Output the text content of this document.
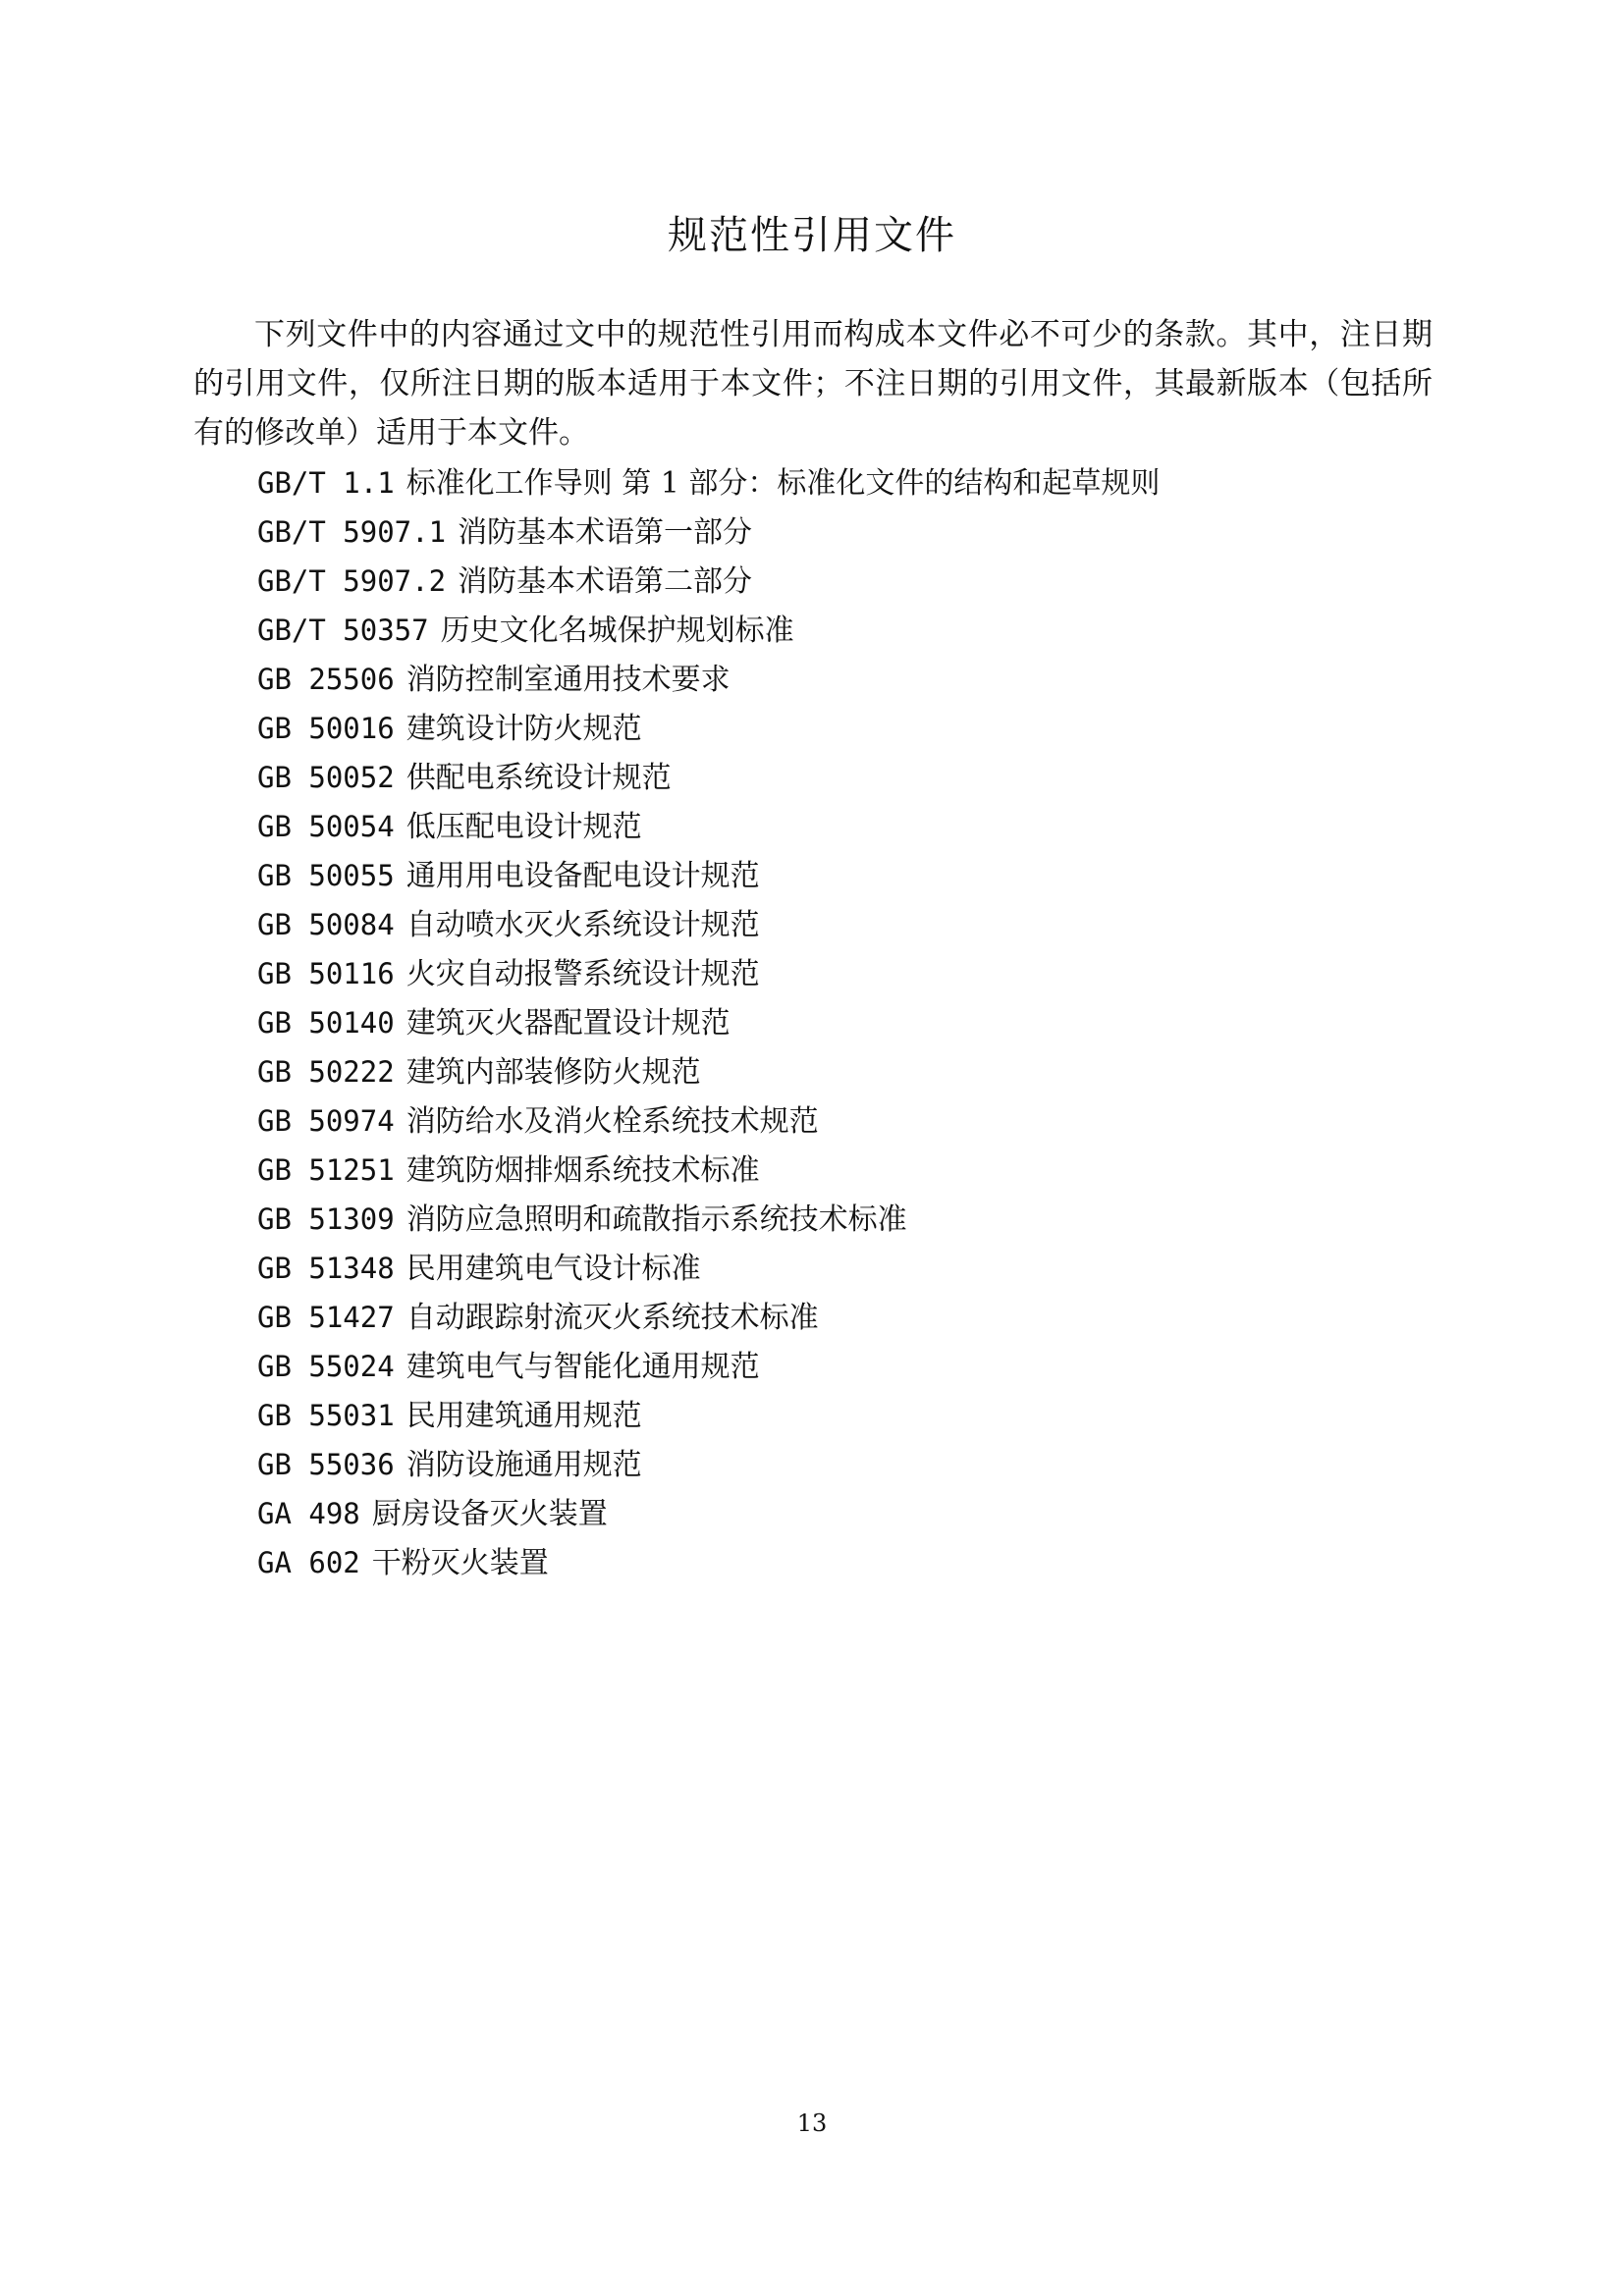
规范性引用文件

下列文件中的内容通过文中的规范性引用而构成本文件必不可少的条款。其中，注日期的引用文件，仅所注日期的版本适用于本文件；不注日期的引用文件，其最新版本（包括所有的修改单）适用于本文件。

GB/T 1.1 标准化工作导则 第 1 部分：标准化文件的结构和起草规则
GB/T 5907.1 消防基本术语第一部分
GB/T 5907.2 消防基本术语第二部分
GB/T 50357 历史文化名城保护规划标准
GB 25506 消防控制室通用技术要求
GB 50016 建筑设计防火规范
GB 50052 供配电系统设计规范
GB 50054 低压配电设计规范
GB 50055 通用用电设备配电设计规范
GB 50084 自动喷水灭火系统设计规范
GB 50116 火灾自动报警系统设计规范
GB 50140 建筑灭火器配置设计规范
GB 50222 建筑内部装修防火规范
GB 50974 消防给水及消火栓系统技术规范
GB 51251 建筑防烟排烟系统技术标准
GB 51309 消防应急照明和疏散指示系统技术标准
GB 51348 民用建筑电气设计标准
GB 51427 自动跟踪射流灭火系统技术标准
GB 55024 建筑电气与智能化通用规范
GB 55031 民用建筑通用规范
GB 55036 消防设施通用规范
GA 498 厨房设备灭火装置
GA 602 干粉灭火装置
13
